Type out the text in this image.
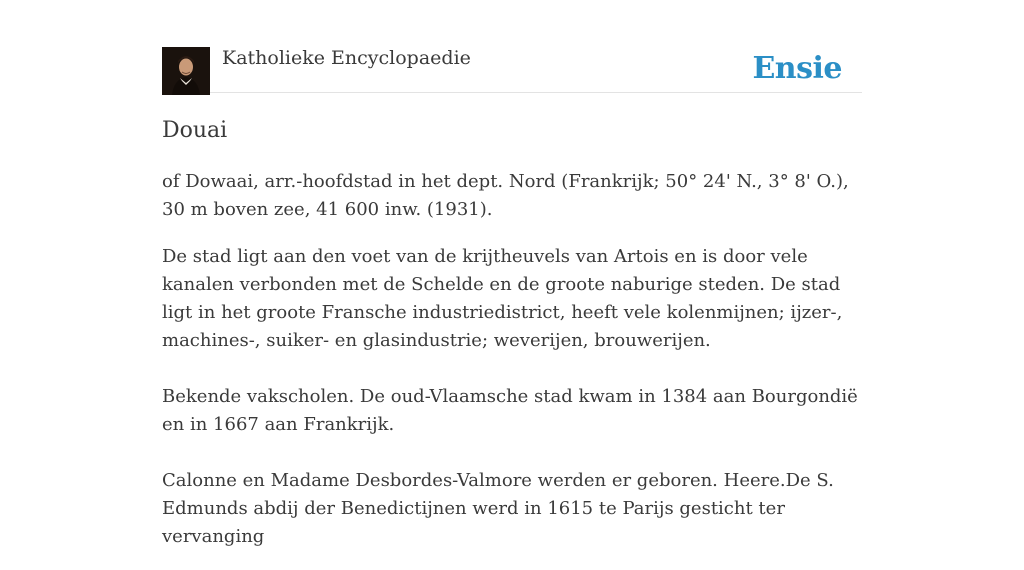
Katholieke Encyclopaedie	Ensie
Douai

of Dowaai, arr.-hoofdstad in het dept. Nord (Frankrijk; 50° 24' N., 3° 8' O.), 30 m boven zee, 41 600 inw. (1931).

De stad ligt aan den voet van de krijtheuvels van Artois en is door vele kanalen verbonden met de Schelde en de groote naburige steden. De stad ligt in het groote Fransche industriedistrict, heeft vele kolenmijnen; ijzer-, machines-, suiker- en glasindustrie; weverijen, brouwerijen.

Bekende vakscholen. De oud-Vlaamsche stad kwam in 1384 aan Bourgondië en in 1667 aan Frankrijk.

Calonne en Madame Desbordes-Valmore werden er geboren. Heere.De S. Edmunds abdij der Benedictijnen werd in 1615 te Parijs gesticht ter vervanging
